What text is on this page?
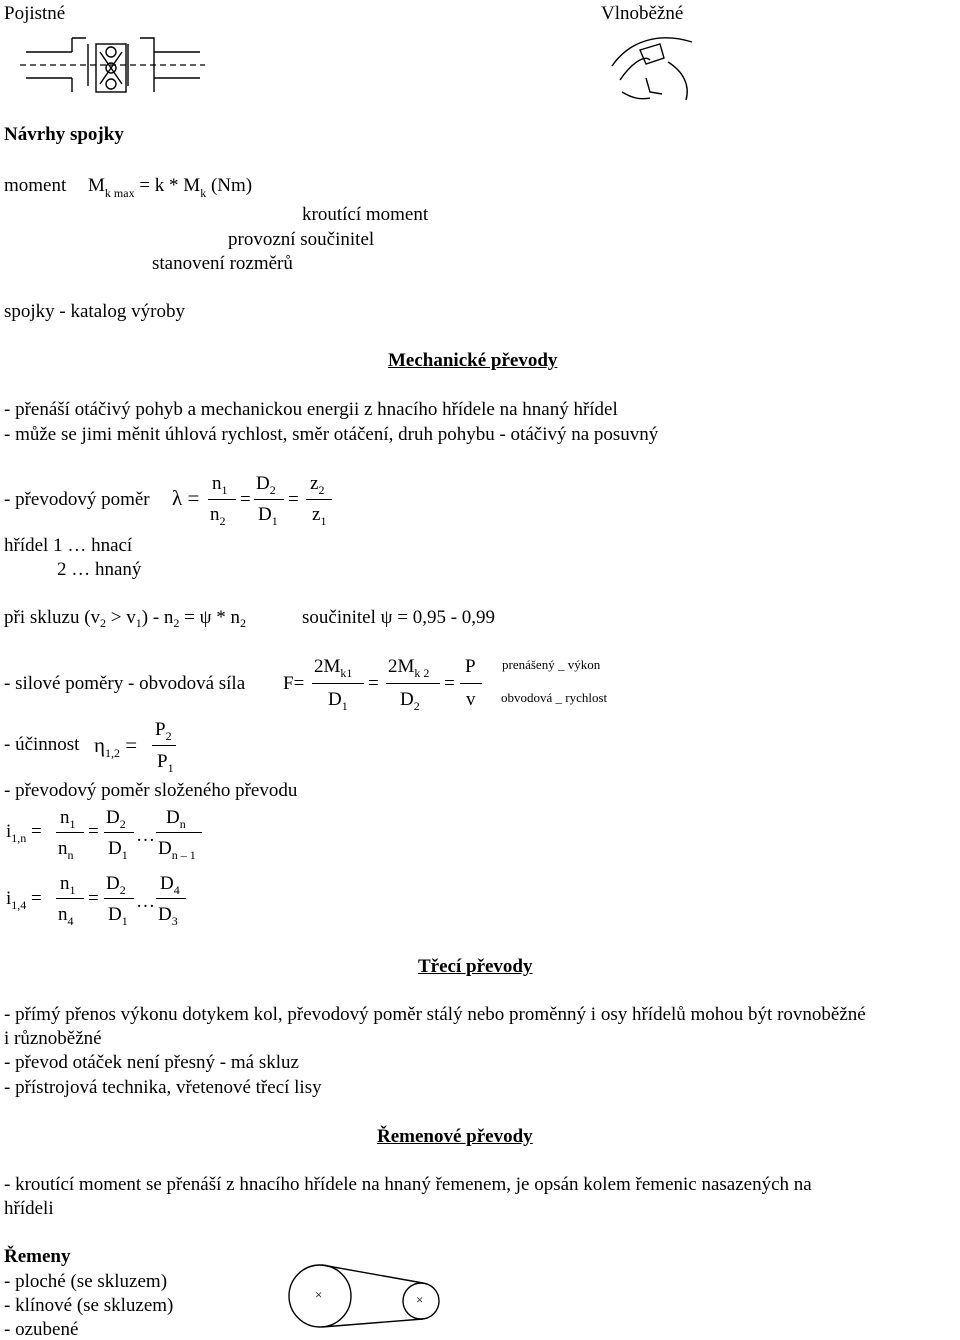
Pojistné	Vlnoběžné
Návrhy spojky
moment $M_{k max} = k * M_k$ (Nm)
kroutící moment
provozní součinitel
stanovení rozměrů
spojky - katalog výroby
Mechanické převody
- přenáší otáčivý pohyb a mechanickou energii z hnacího hřídele na hnaný hřídel
- může se jimi měnit úhlová rychlost, směr otáčení, druh pohybu - otáčivý na posuvný
- převodový poměr λ =
$n_1$
$n_2$
=
$D_2$
$D_1$
=
$z_2$
$z_1$
hřídel 1 … hnací
2 … hnaný
při skluzu $(v_2 > v_1) - n_2 = \psi * n_2$	součinitel ψ = 0,95 - 0,99
- silové poměry - obvodová síla F=
$2M_{k1}$
$D_1$
=
$2M_{k 2}$
$D_2$
=
P
v
prenášený _ výkon
obvodová _ rychlost
- účinnost $\eta_{1,2}$ =
$P_2$
$P_1$
- převodový poměr složeného převodu
$i_{1,n}$ =
$n_1$
$n_n$
=
$D_2$
$D_1$
…
$D_n$
$D_{n - 1}$
$i_{1,4}$ =
$n_1$
$n_4$
=
$D_2$
$D_1$
…
$D_4$
$D_3$
Třecí převody
- přímý přenos výkonu dotykem kol, převodový poměr stálý nebo proměnný i osy hřídelů mohou být rovnoběžné
i různoběžné
- převod otáček není přesný - má skluz
- přístrojová technika, vřetenové třecí lisy
Řemenové převody
- kroutící moment se přenáší z hnacího hřídele na hnaný řemenem, je opsán kolem řemenic nasazených na
hřídeli
Řemeny
- ploché (se skluzem)
- klínové (se skluzem)
- ozubené
×	×
